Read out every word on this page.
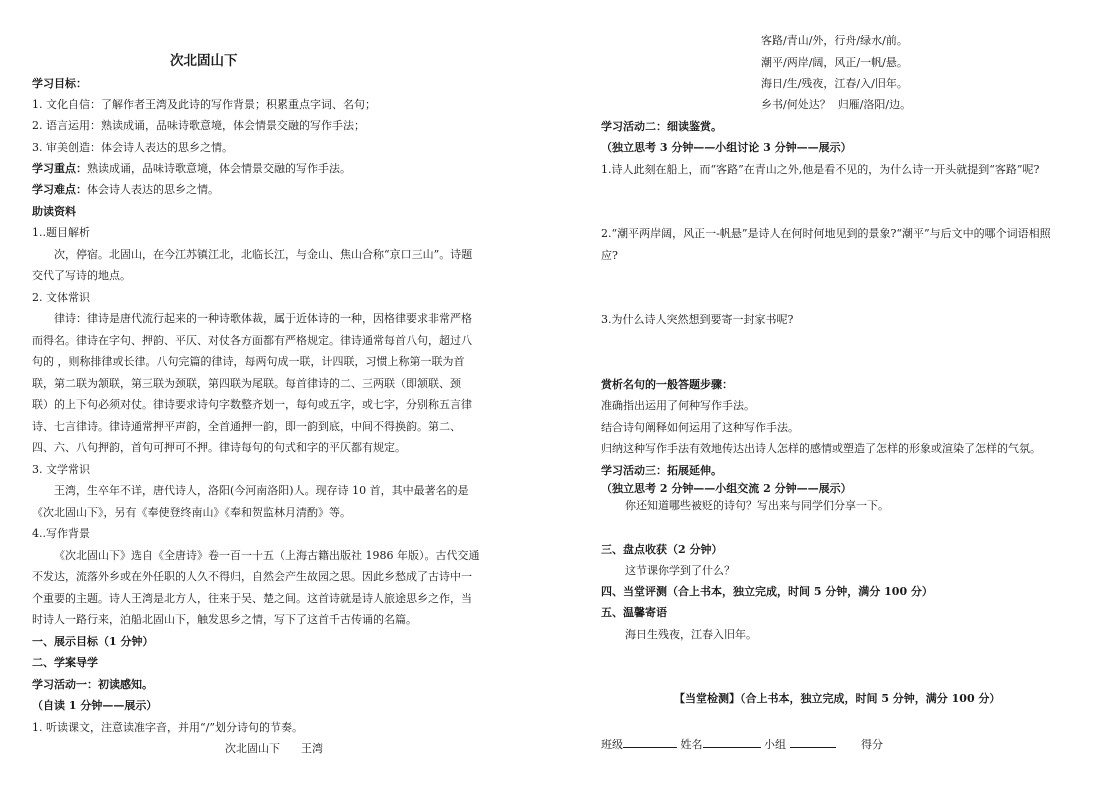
次北固山下
学习目标：
1. 文化自信：了解作者王湾及此诗的写作背景；积累重点字词、名句；
2. 语言运用：熟读成诵，品味诗歌意境，体会情景交融的写作手法；
3. 审美创造：体会诗人表达的思乡之情。
学习重点：熟读成诵，品味诗歌意境，体会情景交融的写作手法。
学习难点：体会诗人表达的思乡之情。
助读资料
1..题目解析
次，停宿。北固山，在今江苏镇江北，北临长江，与金山、焦山合称“京口三山”。诗题
交代了写诗的地点。
2. 文体常识
律诗：律诗是唐代流行起来的一种诗歌体裁，属于近体诗的一种，因格律要求非常严格
而得名。律诗在字句、押韵、平仄、对仗各方面都有严格规定。律诗通常每首八句，超过八
句的 ，则称排律或长律。八句完篇的律诗，每两句成一联，计四联，习惯上称第一联为首
联，第二联为颔联，第三联为颈联，第四联为尾联。每首律诗的二、三两联（即颔联、颈
联）的上下句必须对仗。律诗要求诗句字数整齐划一，每句或五字，或七字，分别称五言律
诗、七言律诗。律诗通常押平声韵，全首通押一韵，即一韵到底，中间不得换韵。第二、
四、六、八句押韵，首句可押可不押。律诗每句的句式和字的平仄都有规定。
3. 文学常识
王湾，生卒年不详，唐代诗人，洛阳(今河南洛阳)人。现存诗 10 首，其中最著名的是
《次北固山下》，另有《奉使登终南山》《奉和贺监林月清酌》等。
4..写作背景
《次北固山下》选自《全唐诗》卷一百一十五（上海古籍出版社 1986 年版）。古代交通
不发达，流落外乡或在外任职的人久不得归，自然会产生故园之思。因此乡愁成了古诗中一
个重要的主题。诗人王湾是北方人，往来于吴、楚之间。这首诗就是诗人旅途思乡之作，当
时诗人一路行来，泊船北固山下，触发思乡之情，写下了这首千古传诵的名篇。
一、展示目标（1 分钟）
二、学案导学
学习活动一：初读感知。
（自读 1 分钟——展示）
1. 听读课文，注意读准字音，并用“/”划分诗句的节奏。
次北固山下      王湾
客路/青山/外，行舟/绿水/前。
潮平/两岸/阔，风正/一帆/悬。
海日/生/残夜，江春/入/旧年。
乡书/何处达？  归雁/洛阳/边。
学习活动二：细读鉴赏。
（独立思考 3 分钟——小组讨论 3 分钟——展示）
1.诗人此刻在船上，而“客路”在青山之外,他是看不见的，为什么诗一开头就提到“客路”呢?
2.“潮平两岸阔，风正一-帆悬”是诗人在何时何地见到的景象?“潮平”与后文中的哪个词语相照
应?
3.为什么诗人突然想到要寄一封家书呢?
赏析名句的一般答题步骤：
准确指出运用了何种写作手法。
结合诗句阐释如何运用了这种写作手法。
归纳这种写作手法有效地传达出诗人怎样的感情或塑造了怎样的形象或渲染了怎样的气氛。
学习活动三：拓展延伸。
（独立思考 2 分钟——小组交流 2 分钟——展示）
你还知道哪些被贬的诗句？写出来与同学们分享一下。
三、盘点收获（2 分钟）
这节课你学到了什么？
四、当堂评测（合上书本，独立完成，时间 5 分钟，满分 100 分）
五、温馨寄语
海日生残夜，江春入旧年。
【当堂检测】（合上书本，独立完成，时间 5 分钟，满分 100 分）
班级	姓名	小组	得分
